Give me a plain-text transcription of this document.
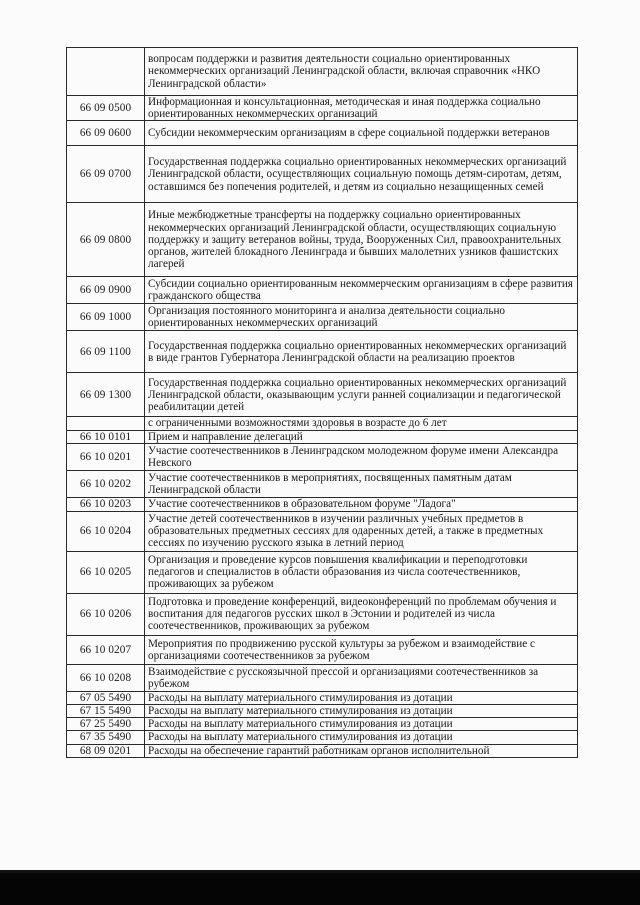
	вопросам поддержки и развития деятельности социально ориентированных некоммерческих организаций Ленинградской области, включая справочник «НКО Ленинградской области»
66 09 0500	Информационная и консультационная, методическая и иная поддержка социально ориентированных некоммерческих организаций
66 09 0600	Субсидии некоммерческим организациям в сфере социальной поддержки ветеранов
66 09 0700	Государственная поддержка социально ориентированных некоммерческих организаций Ленинградской области, осуществляющих социальную помощь детям-сиротам, детям, оставшимся без попечения родителей, и детям из социально незащищенных семей
66 09 0800	Иные межбюджетные трансферты на поддержку социально ориентированных некоммерческих организаций Ленинградской области, осуществляющих социальную поддержку и защиту ветеранов войны, труда, Вооруженных Сил, правоохранительных органов, жителей блокадного Ленинграда и бывших малолетних узников фашистских лагерей
66 09 0900	Субсидии социально ориентированным некоммерческим организациям в сфере развития гражданского общества
66 09 1000	Организация постоянного мониторинга и анализа деятельности социально ориентированных некоммерческих организаций
66 09 1100	Государственная поддержка социально ориентированных некоммерческих организаций в виде грантов Губернатора Ленинградской области на реализацию проектов
66 09 1300	Государственная поддержка социально ориентированных некоммерческих организаций Ленинградской области, оказывающим услуги ранней социализации и педагогической реабилитации детей
	с ограниченными возможностями здоровья в возрасте до 6 лет
66 10 0101	Прием и направление делегаций
66 10 0201	Участие соотечественников в Ленинградском молодежном форуме имени Александра Невского
66 10 0202	Участие соотечественников в мероприятиях, посвященных памятным датам Ленинградской области
66 10 0203	Участие соотечественников в образовательном форуме "Ладога"
66 10 0204	Участие детей соотечественников в изучении различных учебных предметов в образовательных предметных сессиях для одаренных детей, а также в предметных сессиях по изучению русского языка в летний период
66 10 0205	Организация и проведение курсов повышения квалификации и переподготовки педагогов и специалистов в области образования из числа соотечественников, проживающих за рубежом
66 10 0206	Подготовка и проведение конференций, видеоконференций по проблемам обучения и воспитания для педагогов русских школ в Эстонии и родителей из числа соотечественников, проживающих за рубежом
66 10 0207	Мероприятия по продвижению русской культуры за рубежом и взаимодействие с организациями соотечественников за рубежом
66 10 0208	Взаимодействие с русскоязычной прессой и организациями соотечественников за рубежом
67 05 5490	Расходы на выплату материального стимулирования из дотации
67 15 5490	Расходы на выплату материального стимулирования из дотации
67 25 5490	Расходы на выплату материального стимулирования из дотации
67 35 5490	Расходы на выплату материального стимулирования из дотации
68 09 0201	Расходы на обеспечение гарантий работникам органов исполнительной
